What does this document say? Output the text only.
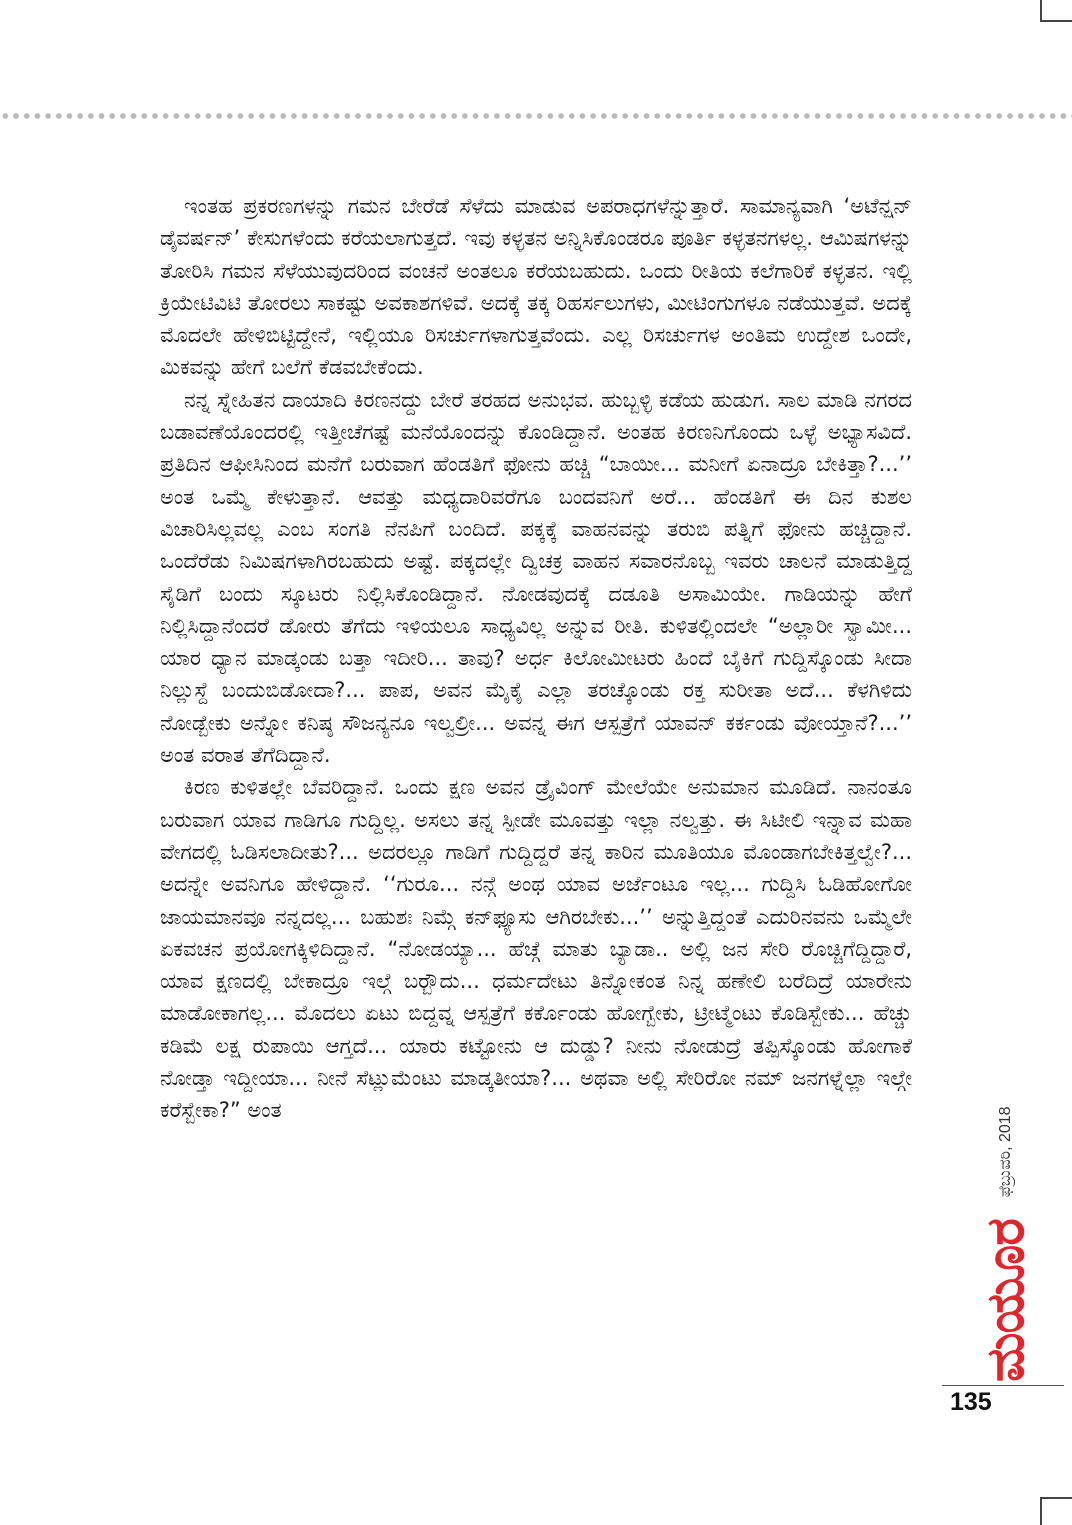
ಇಂತಹ ಪ್ರಕರಣಗಳನ್ನು ಗಮನ ಬೇರೆಡೆ ಸೆಳೆದು ಮಾಡುವ ಅಪರಾಧಗಳೆನ್ನುತ್ತಾರೆ. ಸಾಮಾನ್ಯವಾಗಿ ‘ಅಟೆನ್ಷನ್ ಡೈವರ್ಷನ್’ ಕೇಸುಗಳೆಂದು ಕರೆಯಲಾಗುತ್ತದೆ. ಇವು ಕಳ್ಳತನ ಅನ್ನಿಸಿಕೊಂಡರೂ ಪೂರ್ತಿ ಕಳ್ಳತನಗಳಲ್ಲ. ಆಮಿಷಗಳನ್ನು ತೋರಿಸಿ ಗಮನ ಸೆಳೆಯುವುದರಿಂದ ವಂಚನೆ ಅಂತಲೂ ಕರೆಯಬಹುದು. ಒಂದು ರೀತಿಯ ಕಲೆಗಾರಿಕೆ ಕಳ್ಳತನ. ಇಲ್ಲಿ ಕ್ರಿಯೇಟಿವಿಟಿ ತೋರಲು ಸಾಕಷ್ಟು ಅವಕಾಶಗಳಿವೆ. ಅದಕ್ಕೆ ತಕ್ಕ ರಿಹರ್ಸಲುಗಳು, ಮೀಟಿಂಗುಗಳೂ ನಡೆಯುತ್ತವೆ. ಅದಕ್ಕೆ ಮೊದಲೇ ಹೇಳಿಬಿಟ್ಟಿದ್ದೇನೆ, ಇಲ್ಲಿಯೂ ರಿಸರ್ಚುಗಳಾಗುತ್ತವೆಂದು. ಎಲ್ಲ ರಿಸರ್ಚುಗಳ ಅಂತಿಮ ಉದ್ದೇಶ ಒಂದೇ, ಮಿಕವನ್ನು ಹೇಗೆ ಬಲೆಗೆ ಕೆಡವಬೇಕೆಂದು.

ನನ್ನ ಸ್ನೇಹಿತನ ದಾಯಾದಿ ಕಿರಣನದ್ದು ಬೇರೆ ತರಹದ ಅನುಭವ. ಹುಬ್ಬಳ್ಳಿ ಕಡೆಯ ಹುಡುಗ. ಸಾಲ ಮಾಡಿ ನಗರದ ಬಡಾವಣೆಯೊಂದರಲ್ಲಿ ಇತ್ತೀಚೆಗಷ್ಟೆ ಮನೆಯೊಂದನ್ನು ಕೊಂಡಿದ್ದಾನೆ. ಅಂತಹ ಕಿರಣನಿಗೊಂದು ಒಳ್ಳೆ ಅಭ್ಯಾಸವಿದೆ. ಪ್ರತಿದಿನ ಆಫೀಸಿನಿಂದ ಮನೆಗೆ ಬರುವಾಗ ಹೆಂಡತಿಗೆ ಫೋನು ಹಚ್ಚಿ “ಬಾಯೀ... ಮನೀಗೆ ಏನಾದ್ರೂ ಬೇಕಿತ್ತಾ?...’’ ಅಂತ ಒಮ್ಮೆ ಕೇಳುತ್ತಾನೆ. ಆವತ್ತು ಮಧ್ಯದಾರಿವರೆಗೂ ಬಂದವನಿಗೆ ಅರೆ... ಹೆಂಡತಿಗೆ ಈ ದಿನ ಕುಶಲ ವಿಚಾರಿಸಿಲ್ಲವಲ್ಲ ಎಂಬ ಸಂಗತಿ ನೆನಪಿಗೆ ಬಂದಿದೆ. ಪಕ್ಕಕ್ಕೆ ವಾಹನವನ್ನು ತರುಬಿ ಪತ್ನಿಗೆ ಫೋನು ಹಚ್ಚಿದ್ದಾನೆ. ಒಂದೆರೆಡು ನಿಮಿಷಗಳಾಗಿರಬಹುದು ಅಷ್ಟೆ. ಪಕ್ಕದಲ್ಲೇ ದ್ವಿಚಕ್ರ ವಾಹನ ಸವಾರನೊಬ್ಬ ಇವರು ಚಾಲನೆ ಮಾಡುತ್ತಿದ್ದ ಸೈಡಿಗೆ ಬಂದು ಸ್ಕೂಟರು ನಿಲ್ಲಿಸಿಕೊಂಡಿದ್ದಾನೆ. ನೋಡವುದಕ್ಕೆ ದಡೂತಿ ಅಸಾಮಿಯೇ. ಗಾಡಿಯನ್ನು ಹೇಗೆ ನಿಲ್ಲಿಸಿದ್ದಾನೆಂದರೆ ಡೋರು ತೆಗೆದು ಇಳಿಯಲೂ ಸಾಧ್ಯವಿಲ್ಲ ಅನ್ನುವ ರೀತಿ. ಕುಳಿತಲ್ಲಿಂದಲೇ “ಅಲ್ಲಾರೀ ಸ್ವಾಮೀ... ಯಾರ ಧ್ಯಾನ ಮಾಡ್ಕಂಡು ಬತ್ತಾ ಇದೀರಿ... ತಾವು? ಅರ್ಧ ಕಿಲೋಮೀಟರು ಹಿಂದೆ ಬೈಕಿಗೆ ಗುದ್ದಿಸ್ಕೊಂಡು ಸೀದಾ ನಿಲ್ಲುಸ್ದೆ ಬಂದುಬಿಡೋದಾ?... ಪಾಪ, ಅವನ ಮೈಕೈ ಎಲ್ಲಾ ತರಚ್ಕೊಂಡು ರಕ್ತ ಸುರೀತಾ ಅದೆ... ಕೆಳಗಿಳಿದು ನೋಡ್ಬೇಕು ಅನ್ನೋ ಕನಿಷ್ಠ ಸೌಜನ್ಯನೂ ಇಲ್ವಲ್ರೀ... ಅವನ್ನ ಈಗ ಆಸ್ಪತ್ರೆಗೆ ಯಾವನ್ ಕರ್ಕಂಡು ವೋಯ್ತಾನೆ?...’’ ಅಂತ ವರಾತ ತೆಗೆದಿದ್ದಾನೆ.

ಕಿರಣ ಕುಳಿತಲ್ಲೇ ಬೆವರಿದ್ದಾನೆ. ಒಂದು ಕ್ಷಣ ಅವನ ಡ್ರೈವಿಂಗ್ ಮೇಲೆಯೇ ಅನುಮಾನ ಮೂಡಿದೆ. ನಾನಂತೂ ಬರುವಾಗ ಯಾವ ಗಾಡಿಗೂ ಗುದ್ದಿಲ್ಲ. ಅಸಲು ತನ್ನ ಸ್ಪೀಡೇ ಮೂವತ್ತು ಇಲ್ಲಾ ನಲ್ವತ್ತು. ಈ ಸಿಟೀಲಿ ಇನ್ನಾವ ಮಹಾ ವೇಗದಲ್ಲಿ ಓಡಿಸಲಾದೀತು?... ಅದರಲ್ಲೂ ಗಾಡಿಗೆ ಗುದ್ದಿದ್ದರೆ ತನ್ನ ಕಾರಿನ ಮೂತಿಯೂ ಮೊಂಡಾಗಬೇಕಿತ್ತಲ್ವೇ?... ಅದನ್ನೇ ಅವನಿಗೂ ಹೇಳಿದ್ದಾನೆ. ‘‘ಗುರೂ... ನನ್ಗೆ ಅಂಥ ಯಾವ ಅರ್ಜೆಂಟೂ ಇಲ್ಲ... ಗುದ್ದಿಸಿ ಓಡಿಹೋಗೋ ಜಾಯಮಾನವೂ ನನ್ನದಲ್ಲ... ಬಹುಶಃ ನಿಮ್ಗೆ ಕನ್‌ಫ್ಯೂಸು ಆಗಿರಬೇಕು...’’ ಅನ್ನುತ್ತಿದ್ದಂತೆ ಎದುರಿನವನು ಒಮ್ಮೆಲೇ ಏಕವಚನ ಪ್ರಯೋಗಕ್ಕಿಳಿದಿದ್ದಾನೆ. “ನೋಡಯ್ಯಾ... ಹೆಚ್ಗೆ ಮಾತು ಬ್ಯಾಡಾ.. ಅಲ್ಲಿ ಜನ ಸೇರಿ ರೊಚ್ಚಿಗೆದ್ದಿದ್ದಾರೆ, ಯಾವ ಕ್ಷಣದಲ್ಲಿ ಬೇಕಾದ್ರೂ ಇಲ್ಗೆ ಬರ್‍ಬೌದು... ಧರ್ಮದೇಟು ತಿನ್ನೋಕಂತ ನಿನ್ನ ಹಣೇಲಿ ಬರೆದಿದ್ರೆ ಯಾರೇನು ಮಾಡೋಕಾಗಲ್ಲ... ಮೊದಲು ಏಟು ಬಿದ್ದವ್ನ ಆಸ್ಪತ್ರೆಗೆ ಕರ್ಕೊಂಡು ಹೋಗ್ಬೇಕು, ಟ್ರೀಟ್ಮೆಂಟು ಕೊಡಿಸ್ಬೇಕು... ಹೆಚ್ಚು ಕಡಿಮೆ ಲಕ್ಷ ರುಪಾಯಿ ಆಗ್ತದೆ... ಯಾರು ಕಟ್ಟೋನು ಆ ದುಡ್ಡು? ನೀನು ನೋಡುದ್ರೆ ತಪ್ಪಿಸ್ಕೊಂಡು ಹೋಗಾಕೆ ನೋಡ್ತಾ ಇದ್ದೀಯಾ... ನೀನೆ ಸೆಟ್ಲುಮೆಂಟು ಮಾಡ್ಕತೀಯಾ?... ಅಥವಾ ಅಲ್ಲಿ ಸೇರಿರೋ ನಮ್ ಜನಗಳ್ನೆಲ್ಲಾ ಇಲ್ಗೇ ಕರೆಸ್ಬೇಕಾ?” ಅಂತ

ಮಯೂರ
ಫೆಬ್ರುವರಿ, 2018
135
